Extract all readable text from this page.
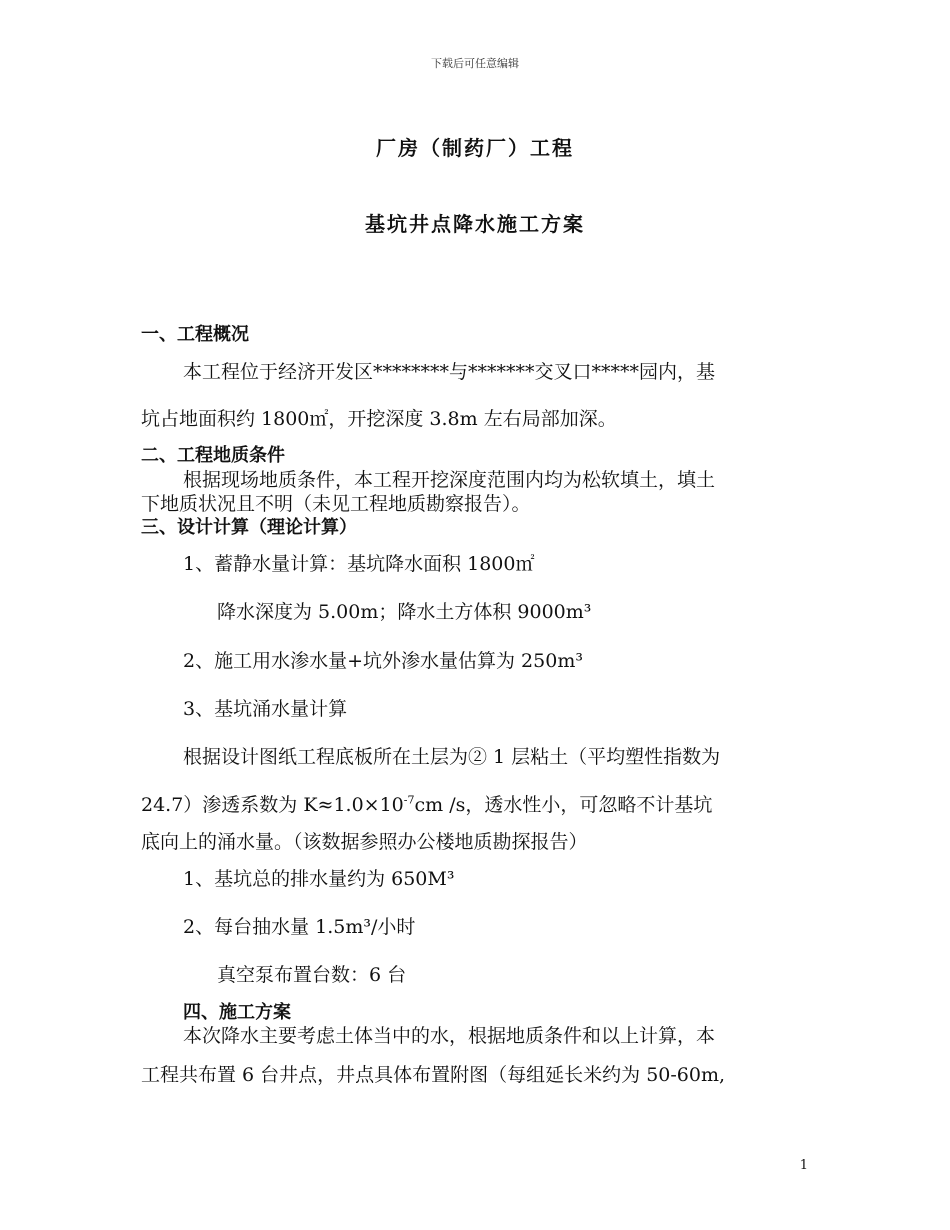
下载后可任意编辑
厂房（制药厂）工程
基坑井点降水施工方案
一、工程概况
本工程位于经济开发区********与*******交叉口*****园内，基
坑占地面积约 1800㎡，开挖深度 3.8m 左右局部加深。
二、工程地质条件
根据现场地质条件，本工程开挖深度范围内均为松软填土，填土
下地质状况且不明（未见工程地质勘察报告）。
三、设计计算（理论计算）
1、蓄静水量计算：基坑降水面积 1800㎡
降水深度为 5.00m；降水土方体积 9000m³
2、施工用水渗水量+坑外渗水量估算为 250m³
3、基坑涌水量计算
根据设计图纸工程底板所在土层为② 1 层粘土（平均塑性指数为
24.7）渗透系数为 $K\approx 1.0\times 10^{-7}cm$ /s，透水性小，可忽略不计基坑
底向上的涌水量。（该数据参照办公楼地质勘探报告）
1、基坑总的排水量约为 650M³
2、每台抽水量 1.5m³/小时
真空泵布置台数：6 台
四、施工方案
本次降水主要考虑土体当中的水，根据地质条件和以上计算，本
工程共布置 6 台井点，井点具体布置附图（每组延长米约为 50-60m,
1
